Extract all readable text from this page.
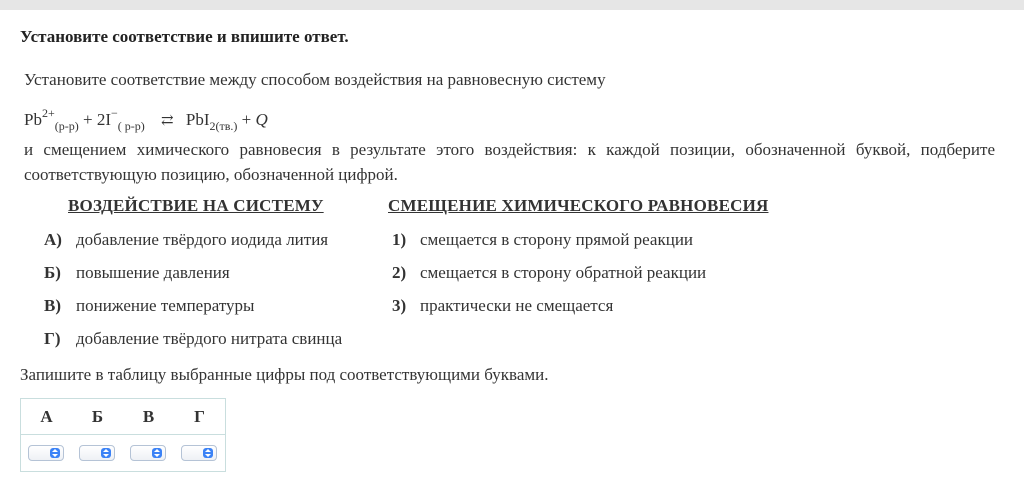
Установите соответствие и впишите ответ.
Установите соответствие между способом воздействия на равновесную систему
$Pb^{2+}_{(р-р)} + 2I^-_{( р-р)}$ ⇄ PbI$_{2(тв.)}$ + Q
и смещением химического равновесия в результате этого воздействия: к каждой позиции, обозначенной буквой, подберите соответствующую позицию, обозначенной цифрой.
ВОЗДЕЙСТВИЕ НА СИСТЕМУ	СМЕЩЕНИЕ ХИМИЧЕСКОГО РАВНОВЕСИЯ
А) добавление твёрдого иодида лития
Б) повышение давления
В) понижение температуры
Г) добавление твёрдого нитрата свинца
1) смещается в сторону прямой реакции
2) смещается в сторону обратной реакции
3) практически не смещается
Запишите в таблицу выбранные цифры под соответствующими буквами.
А	Б	В	Г
